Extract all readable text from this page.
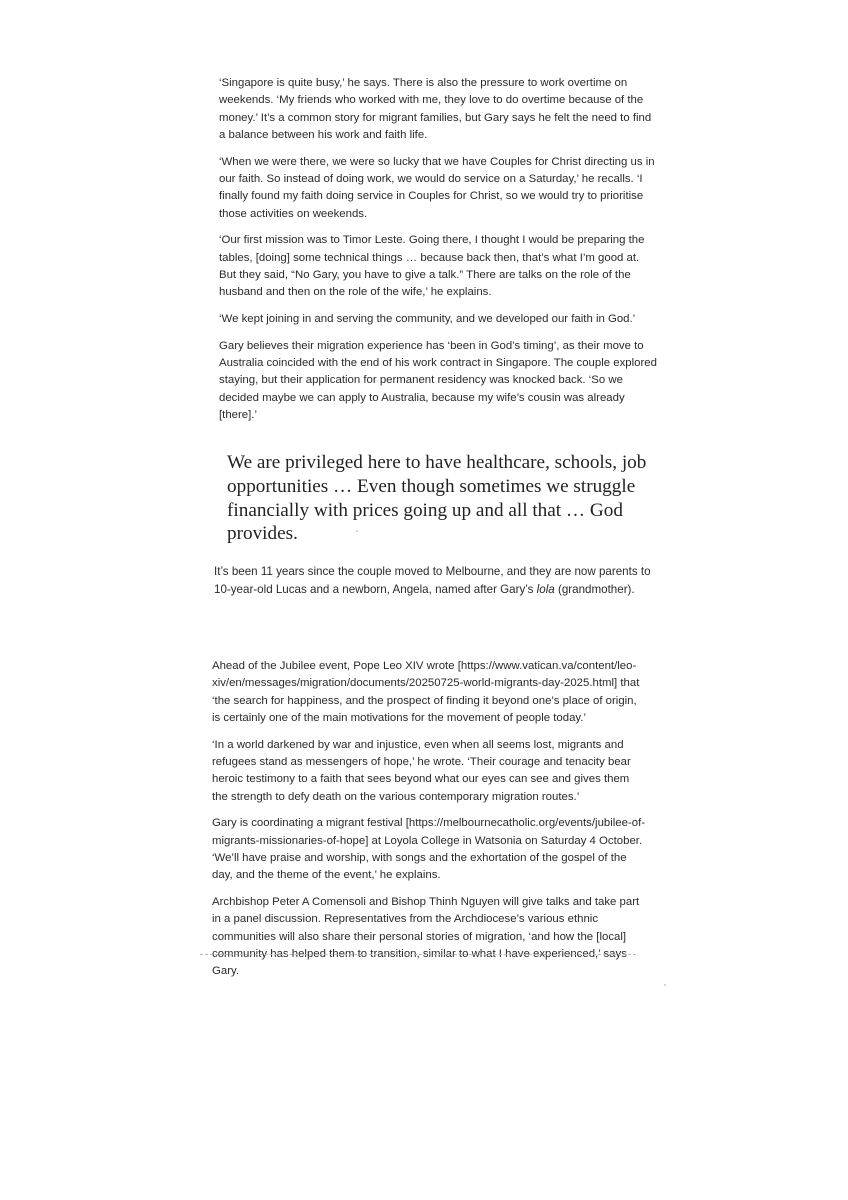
‘Singapore is quite busy,’ he says. There is also the pressure to work overtime on weekends. ‘My friends who worked with me, they love to do overtime because of the money.’ It’s a common story for migrant families, but Gary says he felt the need to find a balance between his work and faith life.

‘When we were there, we were so lucky that we have Couples for Christ directing us in our faith. So instead of doing work, we would do service on a Saturday,’ he recalls. ‘I finally found my faith doing service in Couples for Christ, so we would try to prioritise those activities on weekends.

‘Our first mission was to Timor Leste. Going there, I thought I would be preparing the tables, [doing] some technical things … because back then, that’s what I’m good at. But they said, “No Gary, you have to give a talk.” There are talks on the role of the husband and then on the role of the wife,’ he explains.

‘We kept joining in and serving the community, and we developed our faith in God.’

Gary believes their migration experience has ‘been in God’s timing’, as their move to Australia coincided with the end of his work contract in Singapore. The couple explored staying, but their application for permanent residency was knocked back. ‘So we decided maybe we can apply to Australia, because my wife’s cousin was already [there].’

We are privileged here to have healthcare, schools, job opportunities … Even though sometimes we struggle financially with prices going up and all that … God provides.

It’s been 11 years since the couple moved to Melbourne, and they are now parents to 10-year-old Lucas and a newborn, Angela, named after Gary’s lola (grandmother).

Ahead of the Jubilee event, Pope Leo XIV wrote [https://www.vatican.va/content/leo-xiv/en/messages/migration/documents/20250725-world-migrants-day-2025.html] that ‘the search for happiness, and the prospect of finding it beyond one’s place of origin, is certainly one of the main motivations for the movement of people today.’

‘In a world darkened by war and injustice, even when all seems lost, migrants and refugees stand as messengers of hope,’ he wrote. ‘Their courage and tenacity bear heroic testimony to a faith that sees beyond what our eyes can see and gives them the strength to defy death on the various contemporary migration routes.’

Gary is coordinating a migrant festival [https://melbournecatholic.org/events/jubilee-of-migrants-missionaries-of-hope] at Loyola College in Watsonia on Saturday 4 October. ‘We’ll have praise and worship, with songs and the exhortation of the gospel of the day, and the theme of the event,’ he explains.

Archbishop Peter A Comensoli and Bishop Thinh Nguyen will give talks and take part in a panel discussion. Representatives from the Archdiocese’s various ethnic communities will also share their personal stories of migration, ‘and how the [local] community has helped them to transition, similar to what I have experienced,’ says Gary.
